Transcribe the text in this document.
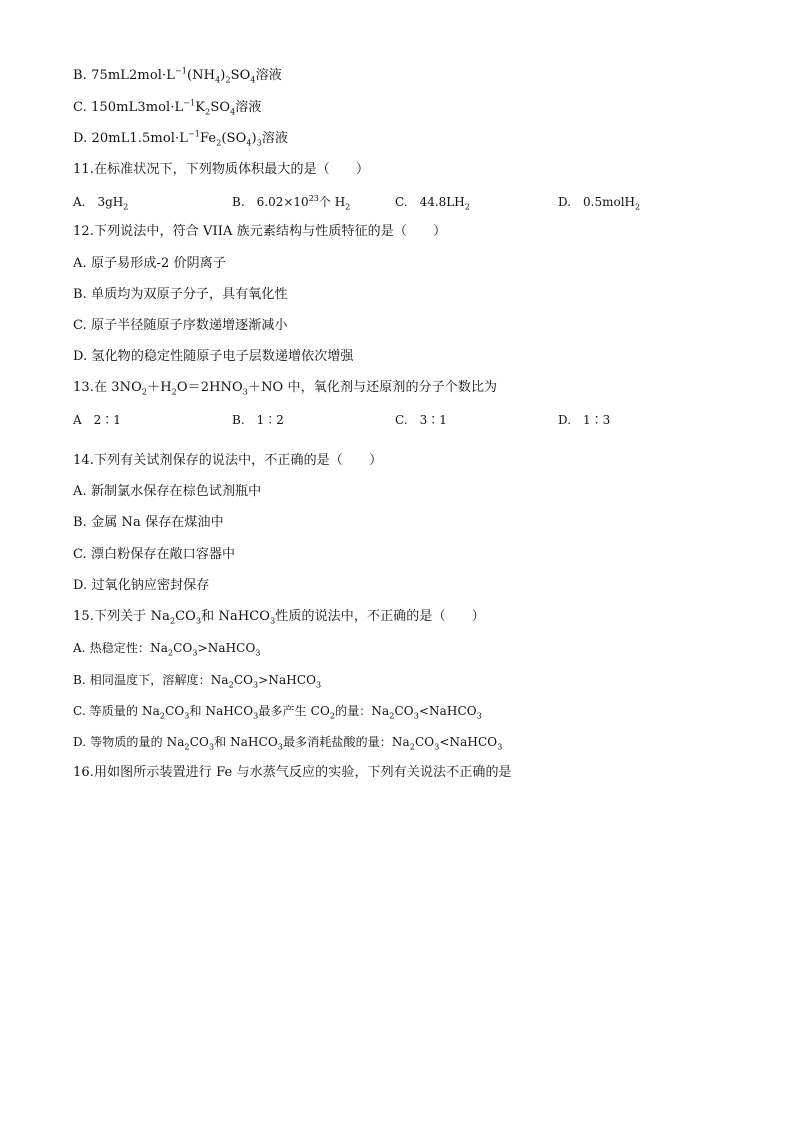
B. $75mL2mol\cdot L^{-1}(NH_4)_2SO_4$溶液
C. $150mL3mol\cdot L^{-1}K_2SO_4$溶液
D. $20mL1.5mol\cdot L^{-1}Fe_2(SO_4)_3$溶液
11.在标准状况下，下列物质体积最大的是（　　）
A.　$3gH_2$	B.　$6.02\times 10^{23}$个 $H_2$	C.　$44.8LH_2$	D.　0.5molH$_2$
12.下列说法中，符合 VIIA 族元素结构与性质特征的是（　　）
A. 原子易形成-2 价阴离子
B. 单质均为双原子分子，具有氧化性
C. 原子半径随原子序数递增逐渐减小
D. 氢化物的稳定性随原子电子层数递增依次增强
13.在 $3NO_2+H_2O=2HNO_3+NO$ 中，氧化剂与还原剂的分子个数比为
A　2∶1	B.　1∶2	C.　3∶1	D.　1∶3
14.下列有关试剂保存的说法中，不正确的是（　　）
A. 新制氯水保存在棕色试剂瓶中
B. 金属 Na 保存在煤油中
C. 漂白粉保存在敞口容器中
D. 过氧化钠应密封保存
15.下列关于 $Na_2CO_3$和 NaHCO$_3$性质的说法中，不正确的是（　　）
A. 热稳定性：$Na_2CO_3>NaHCO_3$
B. 相同温度下，溶解度：$Na_2CO_3>NaHCO_3$
C. 等质量的 $Na_2CO_3$和 NaHCO$_3$最多产生 $CO_2$的量：$Na_2CO_3<NaHCO_3$
D. 等物质的量的 $Na_2CO_3$和 NaHCO$_3$最多消耗盐酸的量：$Na_2CO_3<NaHCO_3$
16.用如图所示装置进行 Fe 与水蒸气反应的实验，下列有关说法不正确的是
